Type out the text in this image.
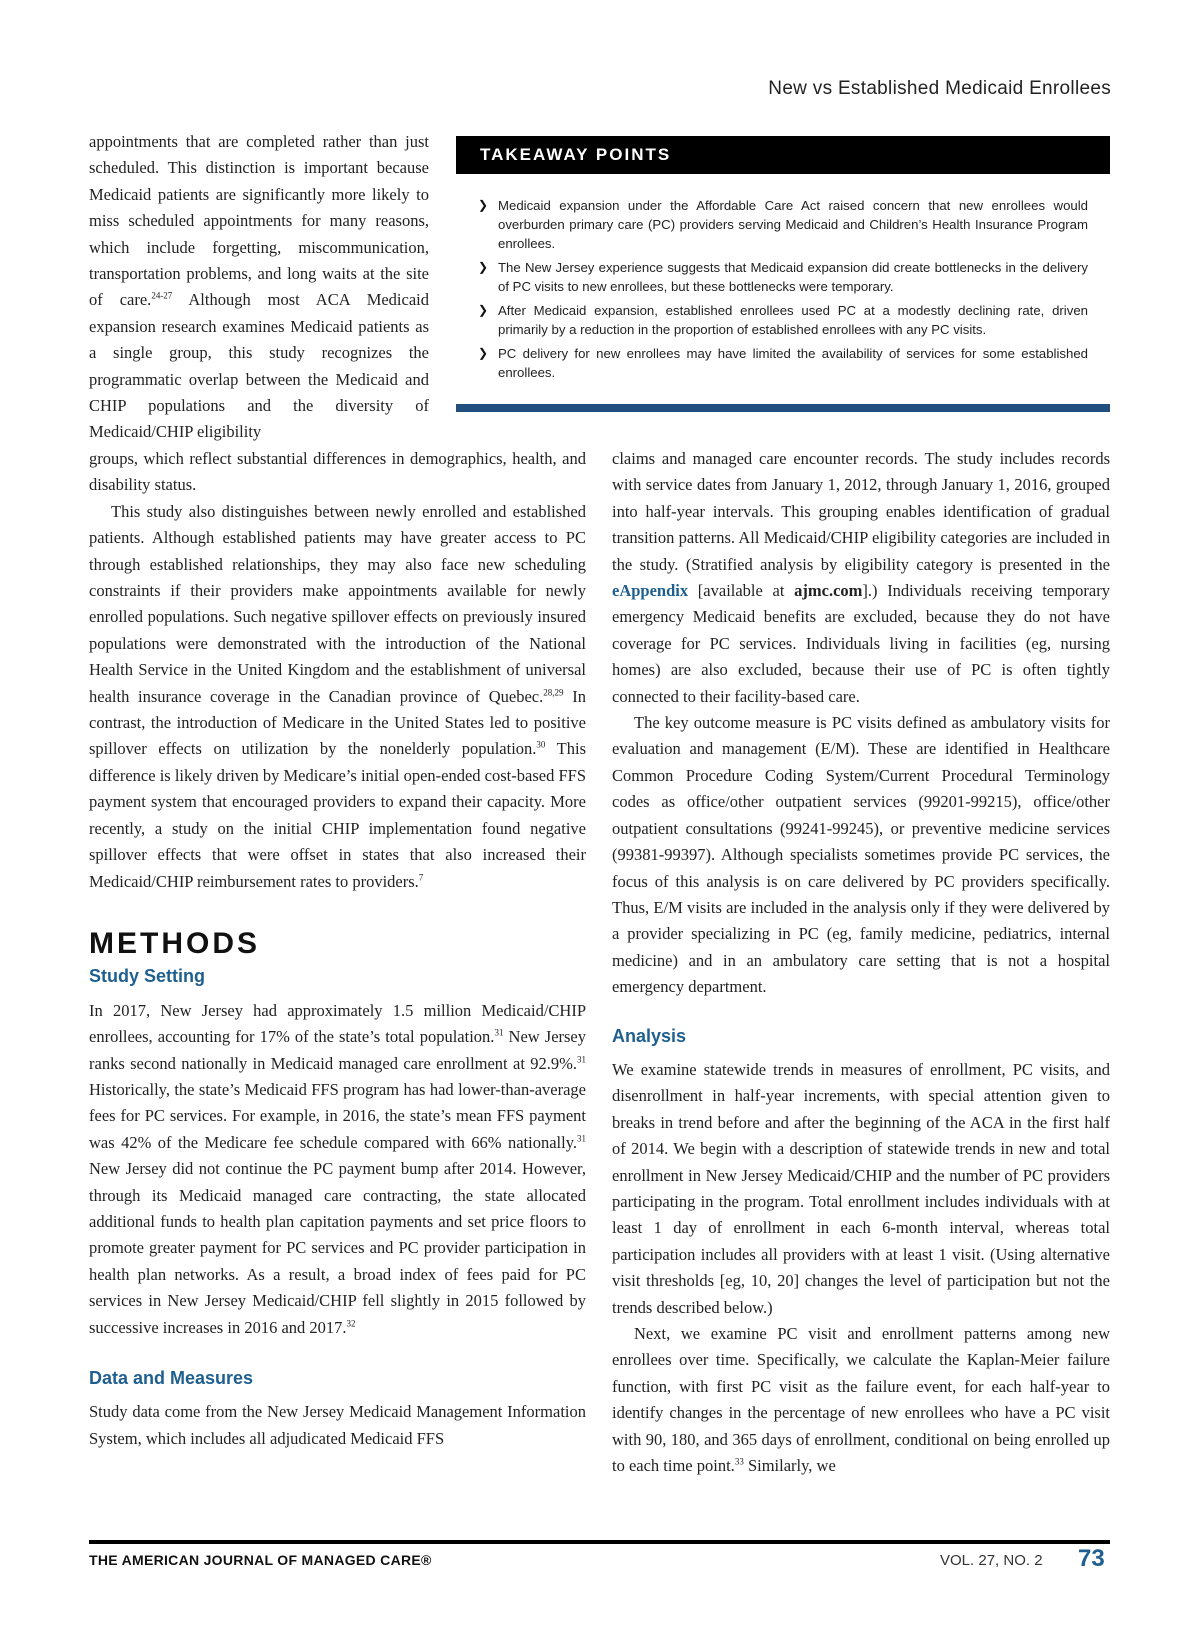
New vs Established Medicaid Enrollees

appointments that are completed rather than just scheduled. This distinction is important because Medicaid patients are significantly more likely to miss scheduled appointments for many reasons, which include forgetting, miscommunication, transportation problems, and long waits at the site of care.$^{24-27}$ Although most ACA Medicaid expansion research examines Medicaid patients as a single group, this study recognizes the programmatic overlap between the Medicaid and CHIP populations and the diversity of Medicaid/CHIP eligibility

TAKEAWAY POINTS
❯ Medicaid expansion under the Affordable Care Act raised concern that new enrollees would overburden primary care (PC) providers serving Medicaid and Children’s Health Insurance Program enrollees.
❯ The New Jersey experience suggests that Medicaid expansion did create bottlenecks in the delivery of PC visits to new enrollees, but these bottlenecks were temporary.
❯ After Medicaid expansion, established enrollees used PC at a modestly declining rate, driven primarily by a reduction in the proportion of established enrollees with any PC visits.
❯ PC delivery for new enrollees may have limited the availability of services for some established enrollees.

groups, which reflect substantial differences in demographics, health, and disability status.

This study also distinguishes between newly enrolled and established patients. Although established patients may have greater access to PC through established relationships, they may also face new scheduling constraints if their providers make appointments available for newly enrolled populations. Such negative spillover effects on previously insured populations were demonstrated with the introduction of the National Health Service in the United Kingdom and the establishment of universal health insurance coverage in the Canadian province of Quebec.$^{28,29}$ In contrast, the introduction of Medicare in the United States led to positive spillover effects on utilization by the nonelderly population.$^{30}$ This difference is likely driven by Medicare’s initial open-ended cost-based FFS payment system that encouraged providers to expand their capacity. More recently, a study on the initial CHIP implementation found negative spillover effects that were offset in states that also increased their Medicaid/CHIP reimbursement rates to providers.$^7$

METHODS
Study Setting

In 2017, New Jersey had approximately 1.5 million Medicaid/CHIP enrollees, accounting for 17% of the state’s total population.$^{31}$ New Jersey ranks second nationally in Medicaid managed care enrollment at 92.9%.$^{31}$ Historically, the state’s Medicaid FFS program has had lower-than-average fees for PC services. For example, in 2016, the state’s mean FFS payment was 42% of the Medicare fee schedule compared with 66% nationally.$^{31}$ New Jersey did not continue the PC payment bump after 2014. However, through its Medicaid managed care contracting, the state allocated additional funds to health plan capitation payments and set price floors to promote greater payment for PC services and PC provider participation in health plan networks. As a result, a broad index of fees paid for PC services in New Jersey Medicaid/CHIP fell slightly in 2015 followed by successive increases in 2016 and 2017.32

Data and Measures

Study data come from the New Jersey Medicaid Management Information System, which includes all adjudicated Medicaid FFS

claims and managed care encounter records. The study includes records with service dates from January 1, 2012, through January 1, 2016, grouped into half-year intervals. This grouping enables identification of gradual transition patterns. All Medicaid/CHIP eligibility categories are included in the study. (Stratified analysis by eligibility category is presented in the eAppendix [available at ajmc.com].) Individuals receiving temporary emergency Medicaid benefits are excluded, because they do not have coverage for PC services. Individuals living in facilities (eg, nursing homes) are also excluded, because their use of PC is often tightly connected to their facility-based care.

The key outcome measure is PC visits defined as ambulatory visits for evaluation and management (E/M). These are identified in Healthcare Common Procedure Coding System/Current Procedural Terminology codes as office/other outpatient services (99201-99215), office/other outpatient consultations (99241-99245), or preventive medicine services (99381-99397). Although specialists sometimes provide PC services, the focus of this analysis is on care delivered by PC providers specifically. Thus, E/M visits are included in the analysis only if they were delivered by a provider specializing in PC (eg, family medicine, pediatrics, internal medicine) and in an ambulatory care setting that is not a hospital emergency department.

Analysis

We examine statewide trends in measures of enrollment, PC visits, and disenrollment in half-year increments, with special attention given to breaks in trend before and after the beginning of the ACA in the first half of 2014. We begin with a description of statewide trends in new and total enrollment in New Jersey Medicaid/CHIP and the number of PC providers participating in the program. Total enrollment includes individuals with at least 1 day of enrollment in each 6-month interval, whereas total participation includes all providers with at least 1 visit. (Using alternative visit thresholds [eg, 10, 20] changes the level of participation but not the trends described below.)

Next, we examine PC visit and enrollment patterns among new enrollees over time. Specifically, we calculate the Kaplan-Meier failure function, with first PC visit as the failure event, for each half-year to identify changes in the percentage of new enrollees who have a PC visit with 90, 180, and 365 days of enrollment, conditional on being enrolled up to each time point.$^{33}$ Similarly, we

THE AMERICAN JOURNAL OF MANAGED CARE®	VOL. 27, NO. 2 73
